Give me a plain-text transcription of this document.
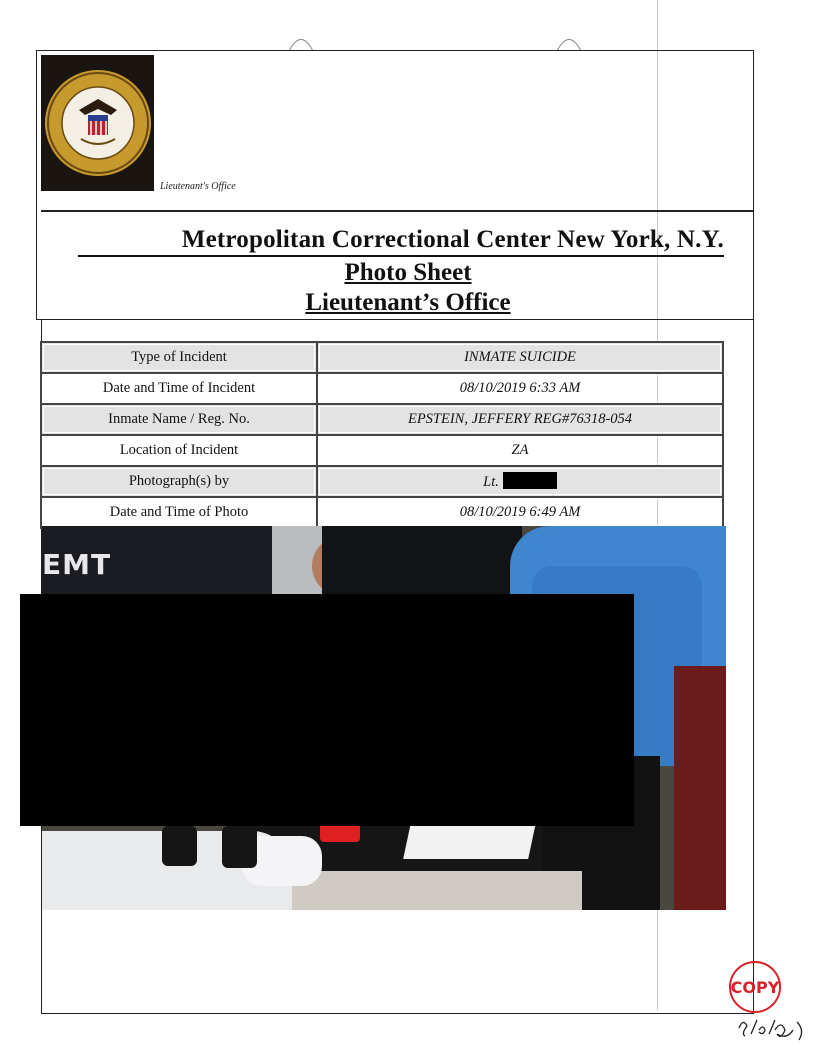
Lieutenant's Office
Metropolitan Correctional Center New York, N.Y.
Photo Sheet
Lieutenant’s Office
Type of Incident	INMATE SUICIDE
Date and Time of Incident	08/10/2019 6:33 AM
Inmate Name / Reg. No.	EPSTEIN, JEFFERY REG#76318-054
Location of Incident	ZA
Photograph(s) by	Lt.
Date and Time of Photo	08/10/2019 6:49 AM
EMT
COPY
